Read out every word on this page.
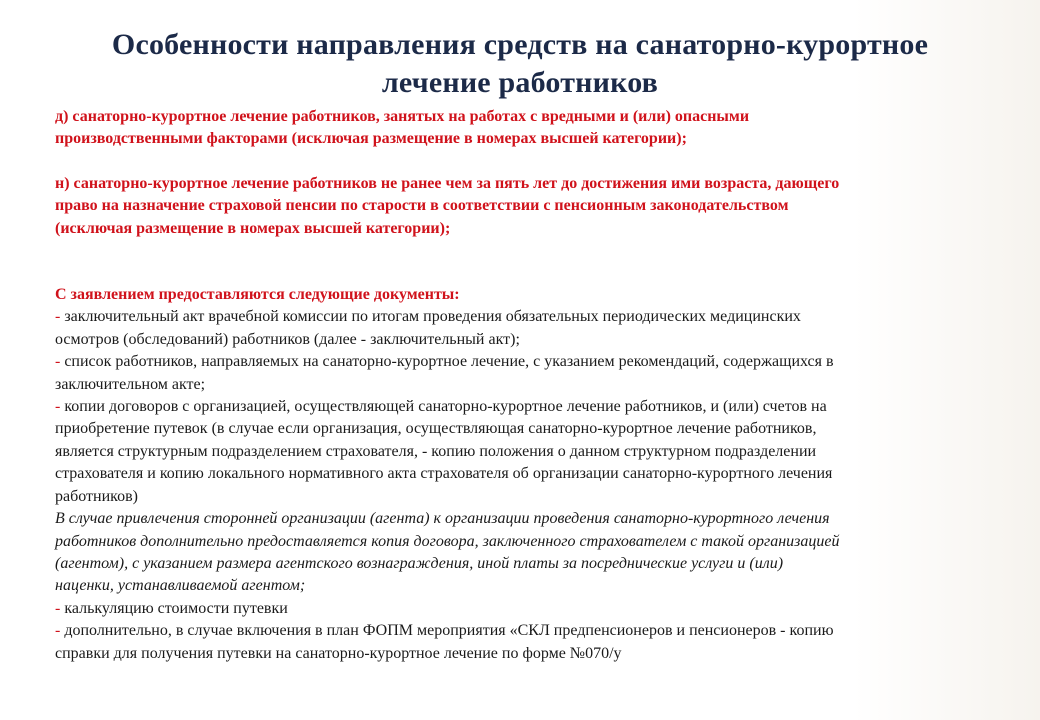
Особенности направления средств на санаторно-курортное
лечение работников

д) санаторно-курортное лечение работников, занятых на работах с вредными и (или) опасными

производственными факторами (исключая размещение в номерах высшей категории);

н) санаторно-курортное лечение работников не ранее чем за пять лет до достижения ими возраста, дающего

право на назначение страховой пенсии по старости в соответствии с пенсионным законодательством

(исключая размещение в номерах высшей категории);

С заявлением предоставляются следующие документы:

- заключительный акт врачебной комиссии по итогам проведения обязательных периодических медицинских

осмотров (обследований) работников (далее - заключительный акт);

- список работников, направляемых на санаторно-курортное лечение, с указанием рекомендаций, содержащихся в

заключительном акте;

- копии договоров с организацией, осуществляющей санаторно-курортное лечение работников, и (или) счетов на

приобретение путевок (в случае если организация, осуществляющая санаторно-курортное лечение работников,

является структурным подразделением страхователя, - копию положения о данном структурном подразделении

страхователя и копию локального нормативного акта страхователя об организации санаторно-курортного лечения

работников)

В случае привлечения сторонней организации (агента) к организации проведения санаторно-курортного лечения

работников дополнительно предоставляется копия договора, заключенного страхователем с такой организацией

(агентом), с указанием размера агентского вознаграждения, иной платы за посреднические услуги и (или)

наценки, устанавливаемой агентом;

- калькуляцию стоимости путевки

- дополнительно, в случае включения в план ФОПМ мероприятия «СКЛ предпенсионеров и пенсионеров - копию

справки для получения путевки на санаторно-курортное лечение по форме №070/у
